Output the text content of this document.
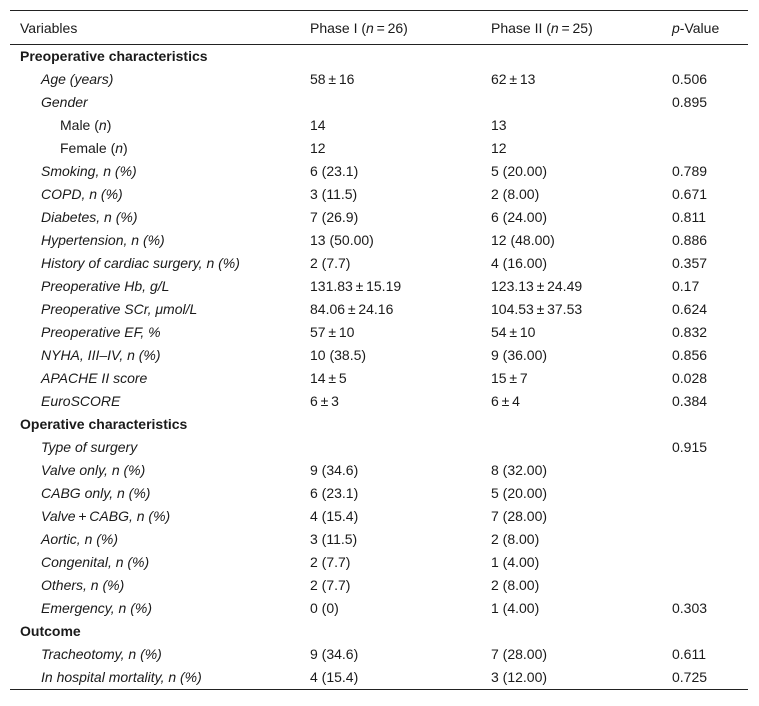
Variables	Phase I (n = 26)	Phase II (n = 25)	p-Value
Preoperative characteristics			
Age (years)	58 ± 16	62 ± 13	0.506
Gender			0.895
Male (n)	14	13	
Female (n)	12	12	
Smoking, n (%)	6 (23.1)	5 (20.00)	0.789
COPD, n (%)	3 (11.5)	2 (8.00)	0.671
Diabetes, n (%)	7 (26.9)	6 (24.00)	0.811
Hypertension, n (%)	13 (50.00)	12 (48.00)	0.886
History of cardiac surgery, n (%)	2 (7.7)	4 (16.00)	0.357
Preoperative Hb, g/L	131.83 ± 15.19	123.13 ± 24.49	0.17
Preoperative SCr, μmol/L	84.06 ± 24.16	104.53 ± 37.53	0.624
Preoperative EF, %	57 ± 10	54 ± 10	0.832
NYHA, III–IV, n (%)	10 (38.5)	9 (36.00)	0.856
APACHE II score	14 ± 5	15 ± 7	0.028
EuroSCORE	6 ± 3	6 ± 4	0.384
Operative characteristics			
Type of surgery			0.915
Valve only, n (%)	9 (34.6)	8 (32.00)	
CABG only, n (%)	6 (23.1)	5 (20.00)	
Valve + CABG, n (%)	4 (15.4)	7 (28.00)	
Aortic, n (%)	3 (11.5)	2 (8.00)	
Congenital, n (%)	2 (7.7)	1 (4.00)	
Others, n (%)	2 (7.7)	2 (8.00)	
Emergency, n (%)	0 (0)	1 (4.00)	0.303
Outcome			
Tracheotomy, n (%)	9 (34.6)	7 (28.00)	0.611
In hospital mortality, n (%)	4 (15.4)	3 (12.00)	0.725
